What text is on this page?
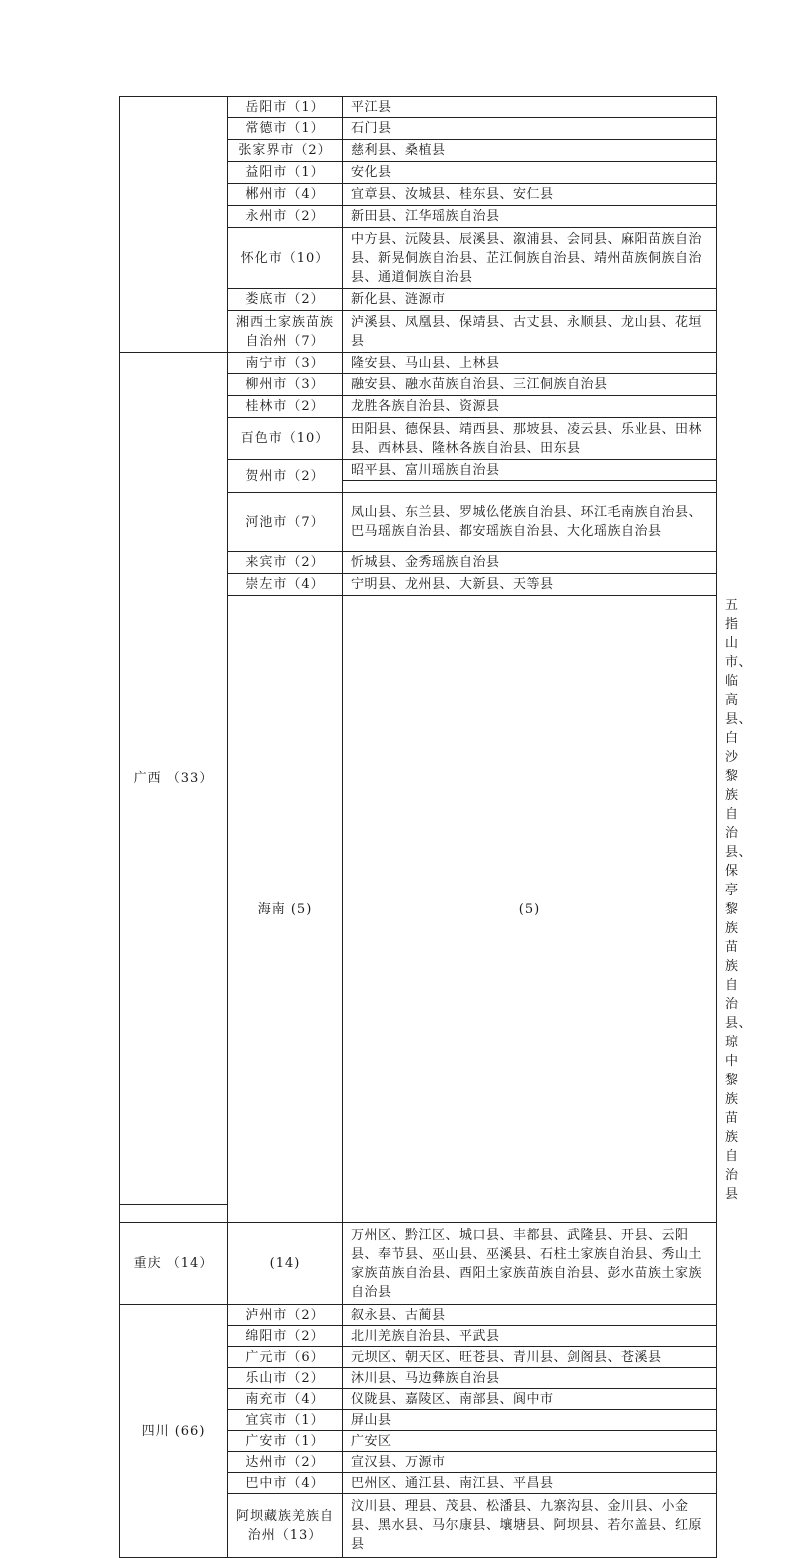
	岳阳市（1）	平江县	
	常德市（1）	石门县	
	张家界市（2）	慈利县、桑植县	
	益阳市（1）	安化县	
	郴州市（4）	宜章县、汝城县、桂东县、安仁县	
	永州市（2）	新田县、江华瑶族自治县	
	怀化市（10）	中方县、沅陵县、辰溪县、溆浦县、会同县、麻阳苗族自治县、新晃侗族自治县、芷江侗族自治县、靖州苗族侗族自治县、通道侗族自治县	
	娄底市（2）	新化县、涟源市	
	湘西土家族苗族自治州（7）	泸溪县、凤凰县、保靖县、古丈县、永顺县、龙山县、花垣县	
广西 （33）	南宁市（3）	隆安县、马山县、上林县	
	柳州市（3）	融安县、融水苗族自治县、三江侗族自治县	
	桂林市（2）	龙胜各族自治县、资源县	
	百色市（10）	田阳县、德保县、靖西县、那坡县、凌云县、乐业县、田林县、西林县、隆林各族自治县、田东县	
	贺州市（2）	昭平县、富川瑶族自治县	

	河池市（7）	凤山县、东兰县、罗城仫佬族自治县、环江毛南族自治县、巴马瑶族自治县、都安瑶族自治县、大化瑶族自治县	
	来宾市（2）	忻城县、金秀瑶族自治县	
	崇左市（4）	宁明县、龙州县、大新县、天等县	
	海南 (5)	(5)	五指山市、临高县、白沙黎族自治县、保亭黎族苗族自治县、琼中黎族苗族自治县

重庆 （14）	(14)	万州区、黔江区、城口县、丰都县、武隆县、开县、云阳县、奉节县、巫山县、巫溪县、石柱土家族自治县、秀山土家族苗族自治县、酉阳土家族苗族自治县、彭水苗族土家族自治县	
四川 (66)	泸州市（2）	叙永县、古蔺县	
	绵阳市（2）	北川羌族自治县、平武县	
	广元市（6）	元坝区、朝天区、旺苍县、青川县、剑阁县、苍溪县	
	乐山市（2）	沐川县、马边彝族自治县	
	南充市（4）	仪陇县、嘉陵区、南部县、阆中市	
	宜宾市（1）	屏山县	
	广安市（1）	广安区	
	达州市（2）	宣汉县、万源市	
	巴中市（4）	巴州区、通江县、南江县、平昌县	
	阿坝藏族羌族自治州（13）	汶川县、理县、茂县、松潘县、九寨沟县、金川县、小金县、黑水县、马尔康县、壤塘县、阿坝县、若尔盖县、红原县	
